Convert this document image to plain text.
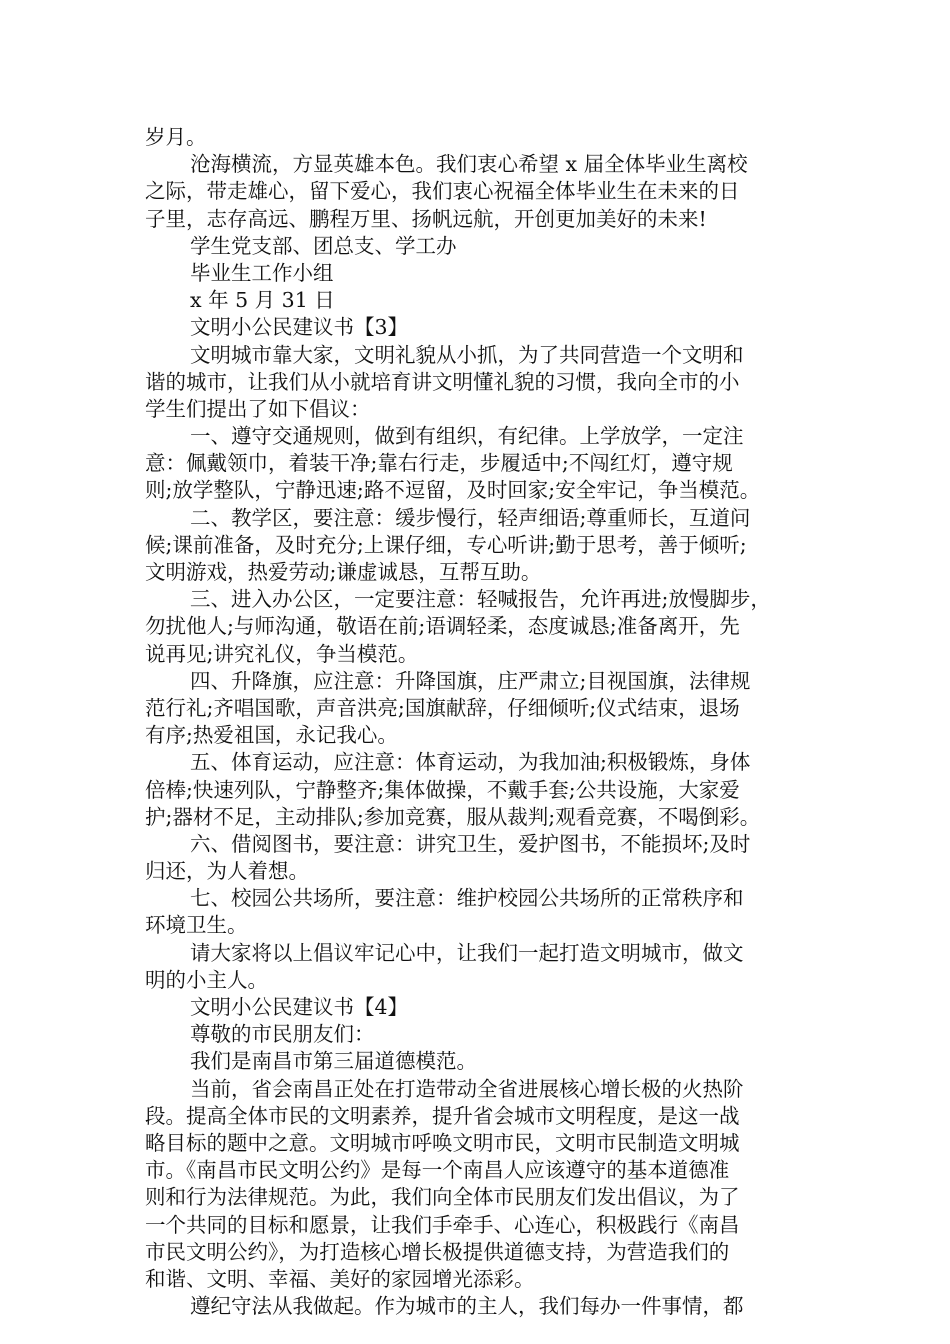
岁月。
沧海横流，方显英雄本色。我们衷心希望 x 届全体毕业生离校
之际，带走雄心，留下爱心，我们衷心祝福全体毕业生在未来的日
子里，志存高远、鹏程万里、扬帆远航，开创更加美好的未来!
学生党支部、团总支、学工办
毕业生工作小组
x 年 5 月 31 日
文明小公民建议书【3】
文明城市靠大家，文明礼貌从小抓，为了共同营造一个文明和
谐的城市，让我们从小就培育讲文明懂礼貌的习惯，我向全市的小
学生们提出了如下倡议：
一、遵守交通规则，做到有组织，有纪律。上学放学，一定注
意：佩戴领巾，着装干净;靠右行走，步履适中;不闯红灯，遵守规
则;放学整队，宁静迅速;路不逗留，及时回家;安全牢记，争当模范。
二、教学区，要注意：缓步慢行，轻声细语;尊重师长，互道问
候;课前准备，及时充分;上课仔细，专心听讲;勤于思考，善于倾听;
文明游戏，热爱劳动;谦虚诚恳，互帮互助。
三、进入办公区，一定要注意：轻喊报告，允许再进;放慢脚步，
勿扰他人;与师沟通，敬语在前;语调轻柔，态度诚恳;准备离开，先
说再见;讲究礼仪，争当模范。
四、升降旗，应注意：升降国旗，庄严肃立;目视国旗，法律规
范行礼;齐唱国歌，声音洪亮;国旗献辞，仔细倾听;仪式结束，退场
有序;热爱祖国，永记我心。
五、体育运动，应注意：体育运动，为我加油;积极锻炼，身体
倍棒;快速列队，宁静整齐;集体做操，不戴手套;公共设施，大家爱
护;器材不足，主动排队;参加竞赛，服从裁判;观看竞赛，不喝倒彩。
六、借阅图书，要注意：讲究卫生，爱护图书，不能损坏;及时
归还，为人着想。
七、校园公共场所，要注意：维护校园公共场所的正常秩序和
环境卫生。
请大家将以上倡议牢记心中，让我们一起打造文明城市，做文
明的小主人。
文明小公民建议书【4】
尊敬的市民朋友们：
我们是南昌市第三届道德模范。
当前，省会南昌正处在打造带动全省进展核心增长极的火热阶
段。提高全体市民的文明素养，提升省会城市文明程度，是这一战
略目标的题中之意。文明城市呼唤文明市民，文明市民制造文明城
市。《南昌市民文明公约》是每一个南昌人应该遵守的基本道德准
则和行为法律规范。为此，我们向全体市民朋友们发出倡议，为了
一个共同的目标和愿景，让我们手牵手、心连心，积极践行《南昌
市民文明公约》，为打造核心增长极提供道德支持，为营造我们的
和谐、文明、幸福、美好的家园增光添彩。
遵纪守法从我做起。作为城市的主人，我们每办一件事情，都
